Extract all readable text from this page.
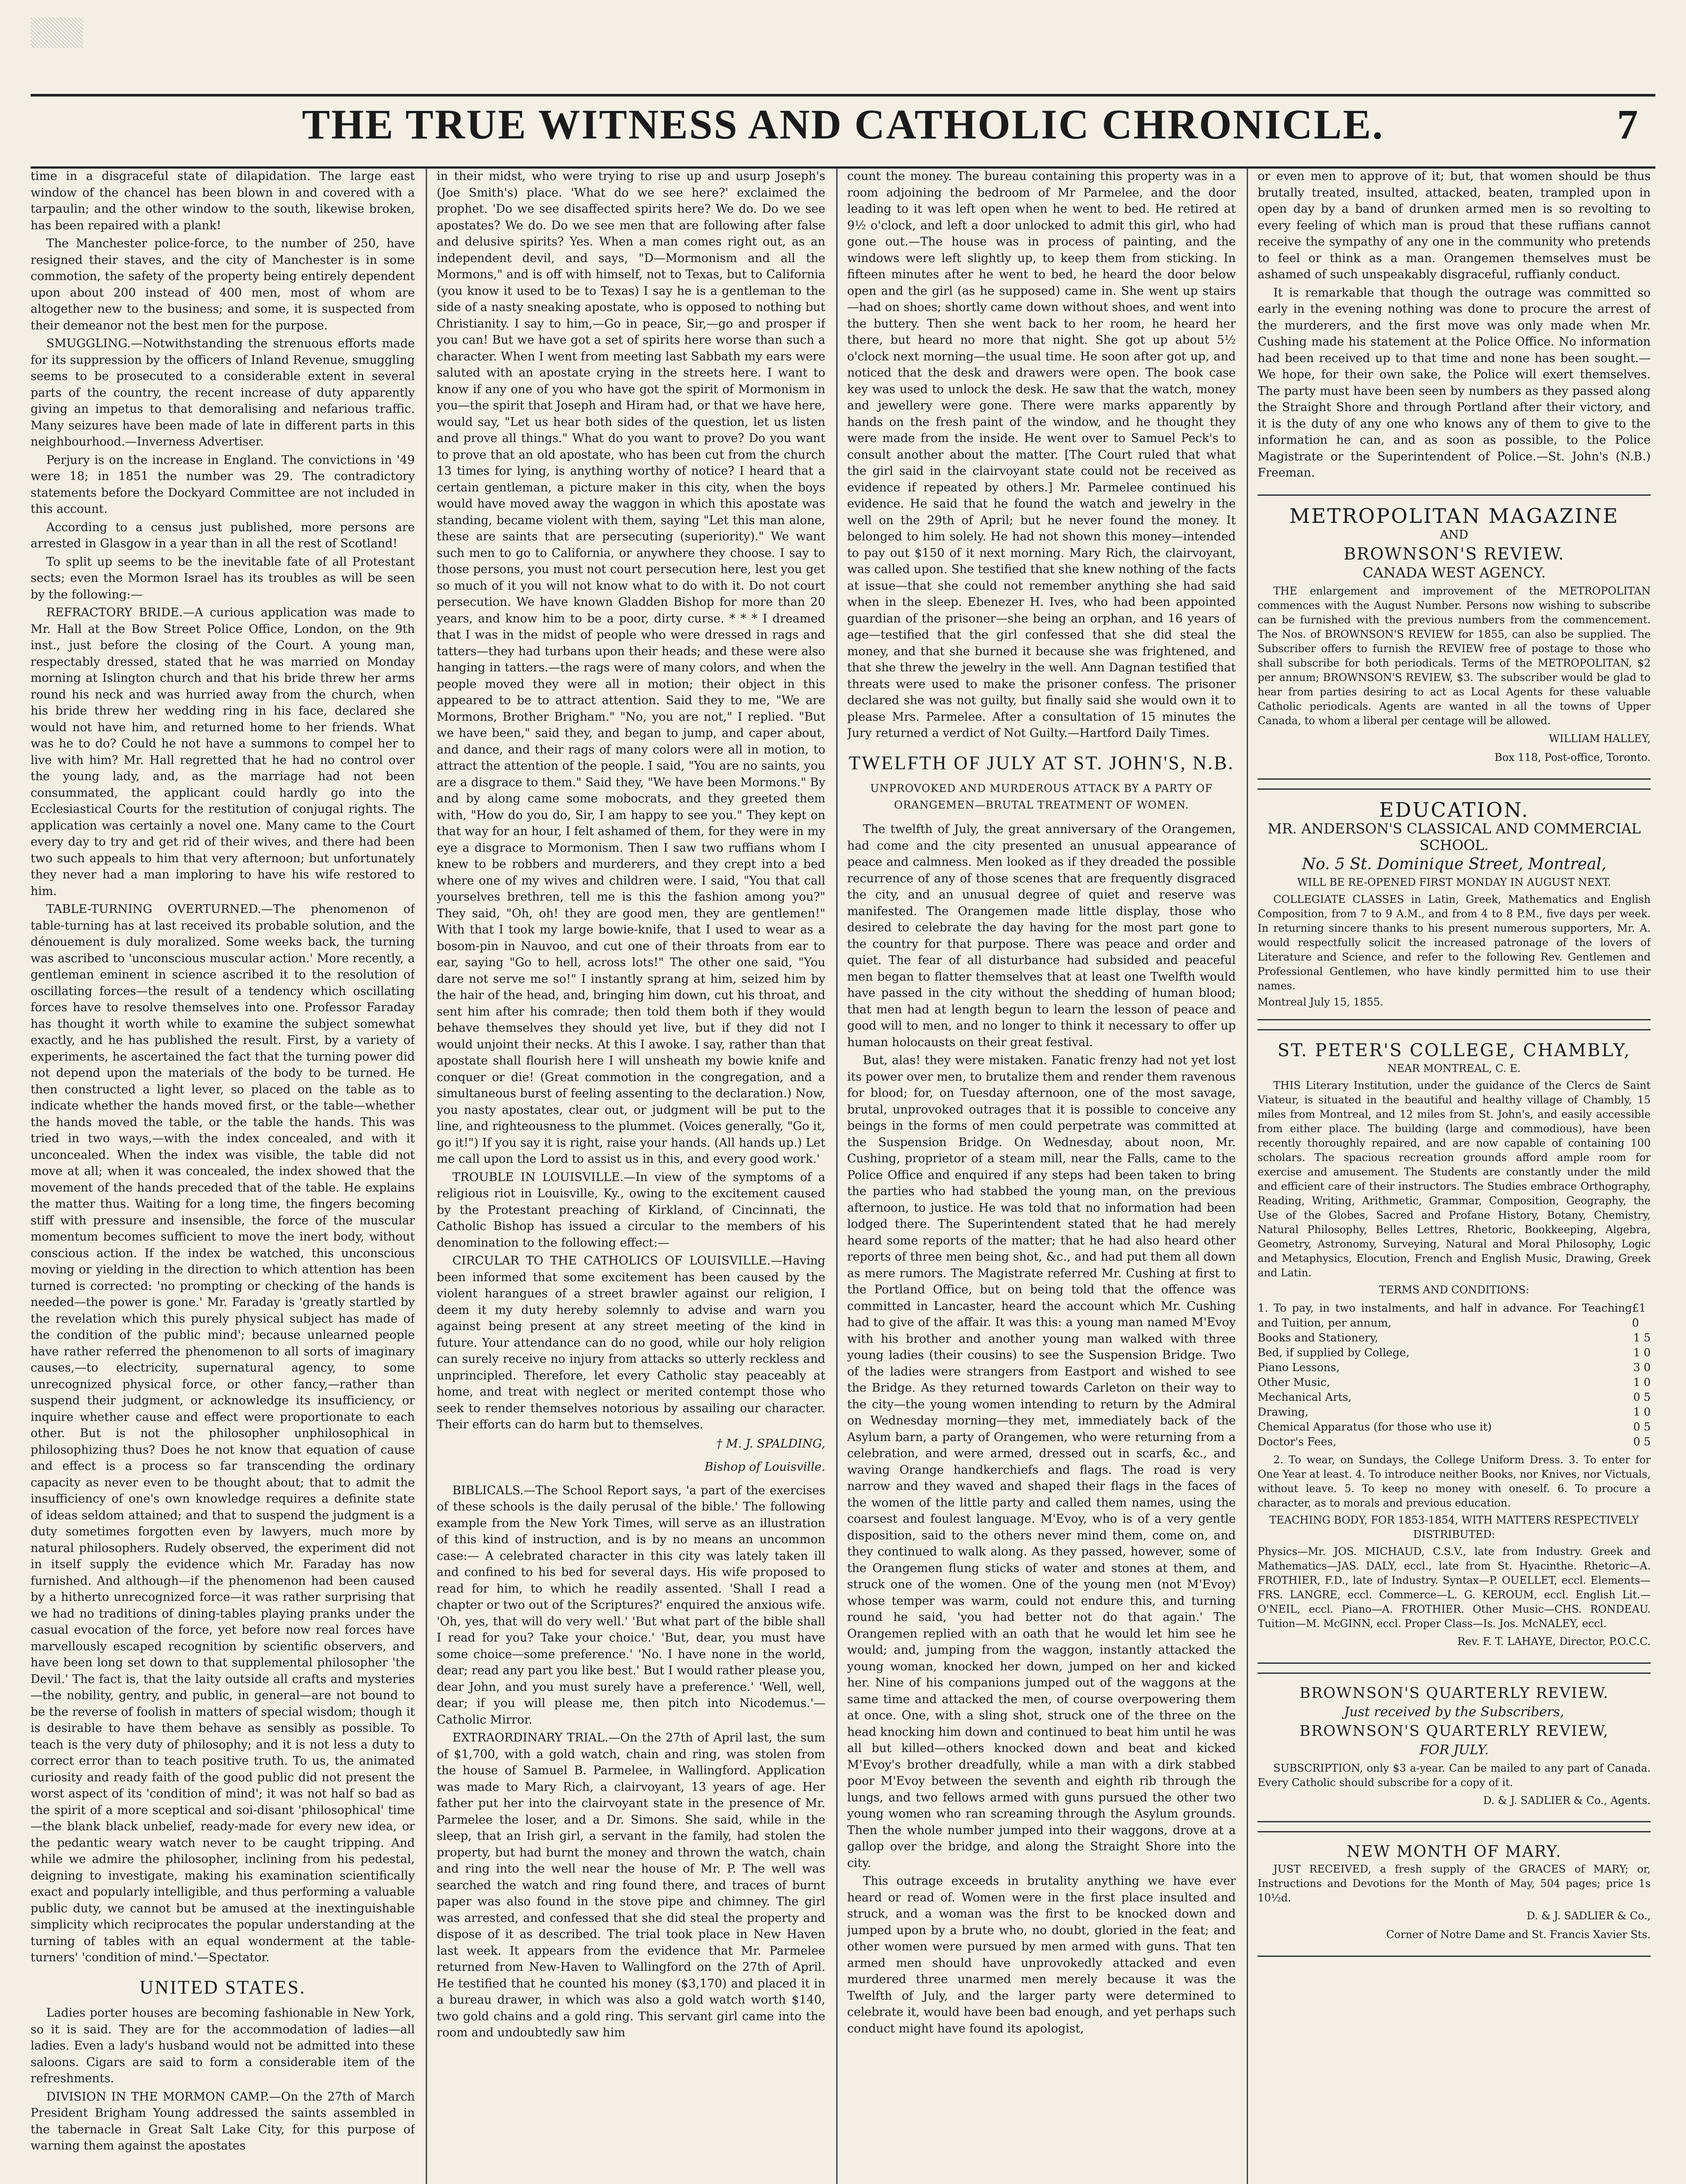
THE TRUE WITNESS AND CATHOLIC CHRONICLE.	7

time in a disgraceful state of dilapidation. The large east window of the chancel has been blown in and covered with a tarpaulin; and the other window to the south, likewise broken, has been repaired with a plank!

The Manchester police-force, to the number of 250, have resigned their staves, and the city of Manchester is in some commotion, the safety of the property being entirely dependent upon about 200 instead of 400 men, most of whom are altogether new to the business; and some, it is suspected from their demeanor not the best men for the purpose.

SMUGGLING.—Notwithstanding the strenuous efforts made for its suppression by the officers of Inland Revenue, smuggling seems to be prosecuted to a considerable extent in several parts of the country, the recent increase of duty apparently giving an impetus to that demoralising and nefarious traffic. Many seizures have been made of late in different parts in this neighbourhood.—Inverness Advertiser.

Perjury is on the increase in England. The convictions in '49 were 18; in 1851 the number was 29. The contradictory statements before the Dockyard Committee are not included in this account.

According to a census just published, more persons are arrested in Glasgow in a year than in all the rest of Scotland!

To split up seems to be the inevitable fate of all Protestant sects; even the Mormon Israel has its troubles as will be seen by the following:—

REFRACTORY BRIDE.—A curious application was made to Mr. Hall at the Bow Street Police Office, London, on the 9th inst., just before the closing of the Court. A young man, respectably dressed, stated that he was married on Monday morning at Islington church and that his bride threw her arms round his neck and was hurried away from the church, when his bride threw her wedding ring in his face, declared she would not have him, and returned home to her friends. What was he to do? Could he not have a summons to compel her to live with him? Mr. Hall regretted that he had no control over the young lady, and, as the marriage had not been consummated, the applicant could hardly go into the Ecclesiastical Courts for the restitution of conjugal rights. The application was certainly a novel one. Many came to the Court every day to try and get rid of their wives, and there had been two such appeals to him that very afternoon; but unfortunately they never had a man imploring to have his wife restored to him.

TABLE-TURNING OVERTURNED.—The phenomenon of table-turning has at last received its probable solution, and the dénouement is duly moralized. Some weeks back, the turning was ascribed to 'unconscious muscular action.' More recently, a gentleman eminent in science ascribed it to the resolution of oscillating forces—the result of a tendency which oscillating forces have to resolve themselves into one. Professor Faraday has thought it worth while to examine the subject somewhat exactly, and he has published the result. First, by a variety of experiments, he ascertained the fact that the turning power did not depend upon the materials of the body to be turned. He then constructed a light lever, so placed on the table as to indicate whether the hands moved first, or the table—whether the hands moved the table, or the table the hands. This was tried in two ways,—with the index concealed, and with it unconcealed. When the index was visible, the table did not move at all; when it was concealed, the index showed that the movement of the hands preceded that of the table. He explains the matter thus. Waiting for a long time, the fingers becoming stiff with pressure and insensible, the force of the muscular momentum becomes sufficient to move the inert body, without conscious action. If the index be watched, this unconscious moving or yielding in the direction to which attention has been turned is corrected: 'no prompting or checking of the hands is needed—the power is gone.' Mr. Faraday is 'greatly startled by the revelation which this purely physical subject has made of the condition of the public mind'; because unlearned people have rather referred the phenomenon to all sorts of imaginary causes,—to electricity, supernatural agency, to some unrecognized physical force, or other fancy,—rather than suspend their judgment, or acknowledge its insufficiency, or inquire whether cause and effect were proportionate to each other. But is not the philosopher unphilosophical in philosophizing thus? Does he not know that equation of cause and effect is a process so far transcending the ordinary capacity as never even to be thought about; that to admit the insufficiency of one's own knowledge requires a definite state of ideas seldom attained; and that to suspend the judgment is a duty sometimes forgotten even by lawyers, much more by natural philosophers. Rudely observed, the experiment did not in itself supply the evidence which Mr. Faraday has now furnished. And although—if the phenomenon had been caused by a hitherto unrecognized force—it was rather surprising that we had no traditions of dining-tables playing pranks under the casual evocation of the force, yet before now real forces have marvellously escaped recognition by scientific observers, and have been long set down to that supplemental philosopher 'the Devil.' The fact is, that the laity outside all crafts and mysteries—the nobility, gentry, and public, in general—are not bound to be the reverse of foolish in matters of special wisdom; though it is desirable to have them behave as sensibly as possible. To teach is the very duty of philosophy; and it is not less a duty to correct error than to teach positive truth. To us, the animated curiosity and ready faith of the good public did not present the worst aspect of its 'condition of mind'; it was not half so bad as the spirit of a more sceptical and soi-disant 'philosophical' time—the blank black unbelief, ready-made for every new idea, or the pedantic weary watch never to be caught tripping. And while we admire the philosopher, inclining from his pedestal, deigning to investigate, making his examination scientifically exact and popularly intelligible, and thus performing a valuable public duty, we cannot but be amused at the inextinguishable simplicity which reciprocates the popular understanding at the turning of tables with an equal wonderment at the table-turners' 'condition of mind.'—Spectator.

UNITED STATES.

Ladies porter houses are becoming fashionable in New York, so it is said. They are for the accommodation of ladies—all ladies. Even a lady's husband would not be admitted into these saloons. Cigars are said to form a considerable item of the refreshments.

DIVISION IN THE MORMON CAMP.—On the 27th of March President Brigham Young addressed the saints assembled in the tabernacle in Great Salt Lake City, for this purpose of warning them against the apostates

in their midst, who were trying to rise up and usurp Joseph's (Joe Smith's) place. 'What do we see here?' exclaimed the prophet. 'Do we see disaffected spirits here? We do. Do we see apostates? We do. Do we see men that are following after false and delusive spirits? Yes. When a man comes right out, as an independent devil, and says, "D—Mormonism and all the Mormons," and is off with himself, not to Texas, but to California (you know it used to be to Texas) I say he is a gentleman to the side of a nasty sneaking apostate, who is opposed to nothing but Christianity. I say to him,—Go in peace, Sir,—go and prosper if you can! But we have got a set of spirits here worse than such a character. When I went from meeting last Sabbath my ears were saluted with an apostate crying in the streets here. I want to know if any one of you who have got the spirit of Mormonism in you—the spirit that Joseph and Hiram had, or that we have here, would say, "Let us hear both sides of the question, let us listen and prove all things." What do you want to prove? Do you want to prove that an old apostate, who has been cut from the church 13 times for lying, is anything worthy of notice? I heard that a certain gentleman, a picture maker in this city, when the boys would have moved away the waggon in which this apostate was standing, became violent with them, saying "Let this man alone, these are saints that are persecuting (superiority)." We want such men to go to California, or anywhere they choose. I say to those persons, you must not court persecution here, lest you get so much of it you will not know what to do with it. Do not court persecution. We have known Gladden Bishop for more than 20 years, and know him to be a poor, dirty curse. * * * I dreamed that I was in the midst of people who were dressed in rags and tatters—they had turbans upon their heads; and these were also hanging in tatters.—the rags were of many colors, and when the people moved they were all in motion; their object in this appeared to be to attract attention. Said they to me, "We are Mormons, Brother Brigham." "No, you are not," I replied. "But we have been," said they, and began to jump, and caper about, and dance, and their rags of many colors were all in motion, to attract the attention of the people. I said, "You are no saints, you are a disgrace to them." Said they, "We have been Mormons." By and by along came some mobocrats, and they greeted them with, "How do you do, Sir, I am happy to see you." They kept on that way for an hour, I felt ashamed of them, for they were in my eye a disgrace to Mormonism. Then I saw two ruffians whom I knew to be robbers and murderers, and they crept into a bed where one of my wives and children were. I said, "You that call yourselves brethren, tell me is this the fashion among you?" They said, "Oh, oh! they are good men, they are gentlemen!" With that I took my large bowie-knife, that I used to wear as a bosom-pin in Nauvoo, and cut one of their throats from ear to ear, saying "Go to hell, across lots!" The other one said, "You dare not serve me so!" I instantly sprang at him, seized him by the hair of the head, and, bringing him down, cut his throat, and sent him after his comrade; then told them both if they would behave themselves they should yet live, but if they did not I would unjoint their necks. At this I awoke. I say, rather than that apostate shall flourish here I will unsheath my bowie knife and conquer or die! (Great commotion in the congregation, and a simultaneous burst of feeling assenting to the declaration.) Now, you nasty apostates, clear out, or judgment will be put to the line, and righteousness to the plummet. (Voices generally, "Go it, go it!") If you say it is right, raise your hands. (All hands up.) Let me call upon the Lord to assist us in this, and every good work.'

TROUBLE IN LOUISVILLE.—In view of the symptoms of a religious riot in Louisville, Ky., owing to the excitement caused by the Protestant preaching of Kirkland, of Cincinnati, the Catholic Bishop has issued a circular to the members of his denomination to the following effect:—

CIRCULAR TO THE CATHOLICS OF LOUISVILLE.—Having been informed that some excitement has been caused by the violent harangues of a street brawler against our religion, I deem it my duty hereby solemnly to advise and warn you against being present at any street meeting of the kind in future. Your attendance can do no good, while our holy religion can surely receive no injury from attacks so utterly reckless and unprincipled. Therefore, let every Catholic stay peaceably at home, and treat with neglect or merited contempt those who seek to render themselves notorious by assailing our character. Their efforts can do harm but to themselves.

† M. J. SPALDING,
Bishop of Louisville.

BIBLICALS.—The School Report says, 'a part of the exercises of these schools is the daily perusal of the bible.' The following example from the New York Times, will serve as an illustration of this kind of instruction, and is by no means an uncommon case:— A celebrated character in this city was lately taken ill and confined to his bed for several days. His wife proposed to read for him, to which he readily assented. 'Shall I read a chapter or two out of the Scriptures?' enquired the anxious wife. 'Oh, yes, that will do very well.' 'But what part of the bible shall I read for you? Take your choice.' 'But, dear, you must have some choice—some preference.' 'No. I have none in the world, dear; read any part you like best.' But I would rather please you, dear John, and you must surely have a preference.' 'Well, well, dear; if you will please me, then pitch into Nicodemus.'—Catholic Mirror.

EXTRAORDINARY TRIAL.—On the 27th of April last, the sum of $1,700, with a gold watch, chain and ring, was stolen from the house of Samuel B. Parmelee, in Wallingford. Application was made to Mary Rich, a clairvoyant, 13 years of age. Her father put her into the clairvoyant state in the presence of Mr. Parmelee the loser, and a Dr. Simons. She said, while in the sleep, that an Irish girl, a servant in the family, had stolen the property, but had burnt the money and thrown the watch, chain and ring into the well near the house of Mr. P. The well was searched the watch and ring found there, and traces of burnt paper was also found in the stove pipe and chimney. The girl was arrested, and confessed that she did steal the property and dispose of it as described. The trial took place in New Haven last week. It appears from the evidence that Mr. Parmelee returned from New-Haven to Wallingford on the 27th of April. He testified that he counted his money ($3,170) and placed it in a bureau drawer, in which was also a gold watch worth $140, two gold chains and a gold ring. This servant girl came into the room and undoubtedly saw him

count the money. The bureau containing this property was in a room adjoining the bedroom of Mr Parmelee, and the door leading to it was left open when he went to bed. He retired at 9½ o'clock, and left a door unlocked to admit this girl, who had gone out.—The house was in process of painting, and the windows were left slightly up, to keep them from sticking. In fifteen minutes after he went to bed, he heard the door below open and the girl (as he supposed) came in. She went up stairs—had on shoes; shortly came down without shoes, and went into the buttery. Then she went back to her room, he heard her there, but heard no more that night. She got up about 5½ o'clock next morning—the usual time. He soon after got up, and noticed that the desk and drawers were open. The book case key was used to unlock the desk. He saw that the watch, money and jewellery were gone. There were marks apparently by hands on the fresh paint of the window, and he thought they were made from the inside. He went over to Samuel Peck's to consult another about the matter. [The Court ruled that what the girl said in the clairvoyant state could not be received as evidence if repeated by others.] Mr. Parmelee continued his evidence. He said that he found the watch and jewelry in the well on the 29th of April; but he never found the money. It belonged to him solely. He had not shown this money—intended to pay out $150 of it next morning. Mary Rich, the clairvoyant, was called upon. She testified that she knew nothing of the facts at issue—that she could not remember anything she had said when in the sleep. Ebenezer H. Ives, who had been appointed guardian of the prisoner—she being an orphan, and 16 years of age—testified that the girl confessed that she did steal the money, and that she burned it because she was frightened, and that she threw the jewelry in the well. Ann Dagnan testified that threats were used to make the prisoner confess. The prisoner declared she was not guilty, but finally said she would own it to please Mrs. Parmelee. After a consultation of 15 minutes the Jury returned a verdict of Not Guilty.—Hartford Daily Times.

TWELFTH OF JULY AT ST. JOHN'S, N.B.
UNPROVOKED AND MURDEROUS ATTACK BY A PARTY OF ORANGEMEN—BRUTAL TREATMENT OF WOMEN.

The twelfth of July, the great anniversary of the Orangemen, had come and the city presented an unusual appearance of peace and calmness. Men looked as if they dreaded the possible recurrence of any of those scenes that are frequently disgraced the city, and an unusual degree of quiet and reserve was manifested. The Orangemen made little display, those who desired to celebrate the day having for the most part gone to the country for that purpose. There was peace and order and quiet. The fear of all disturbance had subsided and peaceful men began to flatter themselves that at least one Twelfth would have passed in the city without the shedding of human blood; that men had at length begun to learn the lesson of peace and good will to men, and no longer to think it necessary to offer up human holocausts on their great festival.

But, alas! they were mistaken. Fanatic frenzy had not yet lost its power over men, to brutalize them and render them ravenous for blood; for, on Tuesday afternoon, one of the most savage, brutal, unprovoked outrages that it is possible to conceive any beings in the forms of men could perpetrate was committed at the Suspension Bridge. On Wednesday, about noon, Mr. Cushing, proprietor of a steam mill, near the Falls, came to the Police Office and enquired if any steps had been taken to bring the parties who had stabbed the young man, on the previous afternoon, to justice. He was told that no information had been lodged there. The Superintendent stated that he had merely heard some reports of the matter; that he had also heard other reports of three men being shot, &c., and had put them all down as mere rumors. The Magistrate referred Mr. Cushing at first to the Portland Office, but on being told that the offence was committed in Lancaster, heard the account which Mr. Cushing had to give of the affair. It was this: a young man named M'Evoy with his brother and another young man walked with three young ladies (their cousins) to see the Suspension Bridge. Two of the ladies were strangers from Eastport and wished to see the Bridge. As they returned towards Carleton on their way to the city—the young women intending to return by the Admiral on Wednesday morning—they met, immediately back of the Asylum barn, a party of Orangemen, who were returning from a celebration, and were armed, dressed out in scarfs, &c., and waving Orange handkerchiefs and flags. The road is very narrow and they waved and shaped their flags in the faces of the women of the little party and called them names, using the coarsest and foulest language. M'Evoy, who is of a very gentle disposition, said to the others never mind them, come on, and they continued to walk along. As they passed, however, some of the Orangemen flung sticks of water and stones at them, and struck one of the women. One of the young men (not M'Evoy) whose temper was warm, could not endure this, and turning round he said, 'you had better not do that again.' The Orangemen replied with an oath that he would let him see he would; and, jumping from the waggon, instantly attacked the young woman, knocked her down, jumped on her and kicked her. Nine of his companions jumped out of the waggons at the same time and attacked the men, of course overpowering them at once. One, with a sling shot, struck one of the three on the head knocking him down and continued to beat him until he was all but killed—others knocked down and beat and kicked M'Evoy's brother dreadfully, while a man with a dirk stabbed poor M'Evoy between the seventh and eighth rib through the lungs, and two fellows armed with guns pursued the other two young women who ran screaming through the Asylum grounds. Then the whole number jumped into their waggons, drove at a gallop over the bridge, and along the Straight Shore into the city.

This outrage exceeds in brutality anything we have ever heard or read of. Women were in the first place insulted and struck, and a woman was the first to be knocked down and jumped upon by a brute who, no doubt, gloried in the feat; and other women were pursued by men armed with guns. That ten armed men should have unprovokedly attacked and even murdered three unarmed men merely because it was the Twelfth of July, and the larger party were determined to celebrate it, would have been bad enough, and yet perhaps such conduct might have found its apologist,

or even men to approve of it; but, that women should be thus brutally treated, insulted, attacked, beaten, trampled upon in open day by a band of drunken armed men is so revolting to every feeling of which man is proud that these ruffians cannot receive the sympathy of any one in the community who pretends to feel or think as a man. Orangemen themselves must be ashamed of such unspeakably disgraceful, ruffianly conduct.

It is remarkable that though the outrage was committed so early in the evening nothing was done to procure the arrest of the murderers, and the first move was only made when Mr. Cushing made his statement at the Police Office. No information had been received up to that time and none has been sought.—We hope, for their own sake, the Police will exert themselves. The party must have been seen by numbers as they passed along the Straight Shore and through Portland after their victory, and it is the duty of any one who knows any of them to give to the information he can, and as soon as possible, to the Police Magistrate or the Superintendent of Police.—St. John's (N.B.) Freeman.

METROPOLITAN MAGAZINE
AND
BROWNSON'S REVIEW.
CANADA WEST AGENCY.

THE enlargement and improvement of the METROPOLITAN commences with the August Number. Persons now wishing to subscribe can be furnished with the previous numbers from the commencement. The Nos. of BROWNSON'S REVIEW for 1855, can also be supplied. The Subscriber offers to furnish the REVIEW free of postage to those who shall subscribe for both periodicals. Terms of the METROPOLITAN, $2 per annum; BROWNSON'S REVIEW, $3. The subscriber would be glad to hear from parties desiring to act as Local Agents for these valuable Catholic periodicals. Agents are wanted in all the towns of Upper Canada, to whom a liberal per centage will be allowed.

WILLIAM HALLEY,
Box 118, Post-office, Toronto.
EDUCATION.
MR. ANDERSON'S CLASSICAL AND COMMERCIAL SCHOOL.
No. 5 St. Dominique Street, Montreal,
WILL BE RE-OPENED FIRST MONDAY IN AUGUST NEXT.

COLLEGIATE CLASSES in Latin, Greek, Mathematics and English Composition, from 7 to 9 A.M., and from 4 to 8 P.M., five days per week. In returning sincere thanks to his present numerous supporters, Mr. A. would respectfully solicit the increased patronage of the lovers of Literature and Science, and refer to the following Rev. Gentlemen and Professional Gentlemen, who have kindly permitted him to use their names.

Montreal July 15, 1855.
ST. PETER'S COLLEGE, CHAMBLY,
NEAR MONTREAL, C. E.

THIS Literary Institution, under the guidance of the Clercs de Saint Viateur, is situated in the beautiful and healthy village of Chambly, 15 miles from Montreal, and 12 miles from St. John's, and easily accessible from either place. The building (large and commodious), have been recently thoroughly repaired, and are now capable of containing 100 scholars. The spacious recreation grounds afford ample room for exercise and amusement. The Students are constantly under the mild and efficient care of their instructors. The Studies embrace Orthography, Reading, Writing, Arithmetic, Grammar, Composition, Geography, the Use of the Globes, Sacred and Profane History, Botany, Chemistry, Natural Philosophy, Belles Lettres, Rhetoric, Bookkeeping, Algebra, Geometry, Astronomy, Surveying, Natural and Moral Philosophy, Logic and Metaphysics, Elocution, French and English Music, Drawing, Greek and Latin.

TERMS AND CONDITIONS:
1. To pay, in two instalments, and half in advance. For Teaching and Tuition, per annum,
£1 0
Books and Stationery,	1 5
Bed, if supplied by College,	1 0
Piano Lessons,	3 0
Other Music,	1 0
Mechanical Arts,	0 5
Drawing,	1 0
Chemical Apparatus (for those who use it)	0 5
Doctor's Fees,	0 5

2. To wear, on Sundays, the College Uniform Dress. 3. To enter for One Year at least. 4. To introduce neither Books, nor Knives, nor Victuals, without leave. 5. To keep no money with oneself. 6. To procure a character, as to morals and previous education.

TEACHING BODY, FOR 1853-1854, WITH MATTERS RESPECTIVELY DISTRIBUTED:

Physics—Mr. JOS. MICHAUD, C.S.V., late from Industry. Greek and Mathematics—JAS. DALY, eccl., late from St. Hyacinthe. Rhetoric—A. FROTHIER, F.D., late of Industry. Syntax—P. OUELLET, eccl. Elements—FRS. LANGRE, eccl. Commerce—L. G. KEROUM, eccl. English Lit.—O'NEIL, eccl. Piano—A. FROTHIER. Other Music—CHS. RONDEAU. Tuition—M. McGINN, eccl. Proper Class—Is. Jos. McNALEY, eccl.

Rev. F. T. LAHAYE, Director, P.O.C.C.
BROWNSON'S QUARTERLY REVIEW.
Just received by the Subscribers,
BROWNSON'S QUARTERLY REVIEW,
FOR JULY.

SUBSCRIPTION, only $3 a-year. Can be mailed to any part of Canada. Every Catholic should subscribe for a copy of it.

D. & J. SADLIER & Co., Agents.
NEW MONTH OF MARY.

JUST RECEIVED, a fresh supply of the GRACES of MARY; or, Instructions and Devotions for the Month of May, 504 pages; price 1s 10½d.

D. & J. SADLIER & Co.,
Corner of Notre Dame and St. Francis Xavier Sts.
